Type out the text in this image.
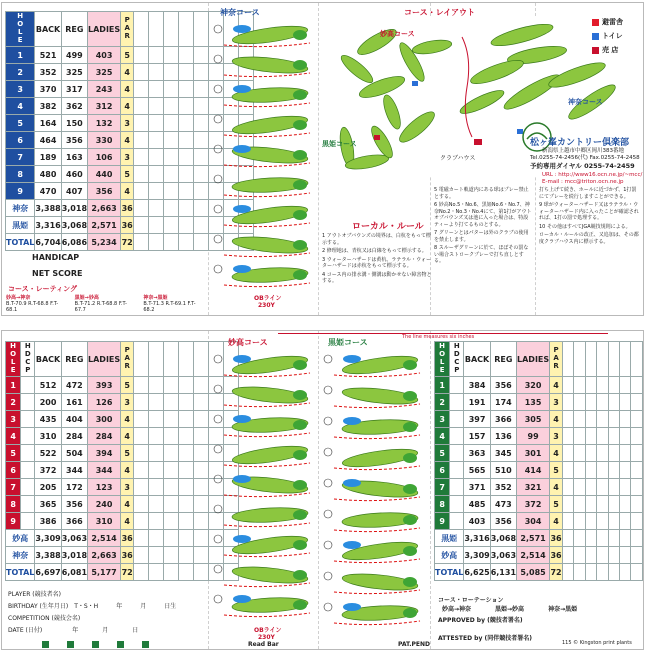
HOLE	BACK	REG	LADIES	PAR								
1	521	499	403	5								
2	352	325	325	4								
3	370	317	243	4								
4	382	362	312	4								
5	164	150	132	3								
6	464	356	330	4								
7	189	163	106	3								
8	480	460	440	5								
9	470	407	356	4								
神奈	3,388	3,018	2,663	36								
黒姫	3,316	3,068	2,571	36								
TOTAL	6,704	6,086	5,234	72								
HANDICAP
NET SCORE
コース・レーティング
妙高→神奈
B.T-70.9 R.T-68.8 F.T-68.1
黒姫→妙高
B.T-71.2 R.T-68.8 F.T-67.7
神奈→黒姫
B.T-71.3 R.T-69.1 F.T-68.2
神奈コース
OBライン
230Y
コース・レイアウト
妙高コース
黒姫コース
神奈コース
クラブハウス
避雷舎
トイレ
売 店
松ヶ峯カントリー倶楽部
新潟県上越市中郷区岡川383番地
Tel.0255-74-2456(代) Fax.0255-74-2458
予約専用ダイヤル 0255-74-2459
URL : http://www16.ocn.ne.jp/~mcc/
E-mail : mcc@triton.ocn.ne.jp
ローカル・ルール
1 アウトオブバウンズの境界は、白杭をもって標示する。
2 修理地は、青杭又は白線をもって標示する。
3 ウォーターハザードは黄杭、ラテラル・ウォーターハザードは赤杭をもって標示する。
4 コース内の排水溝・側溝は動かせない障害物とする。
5 電磁カート軌道内にある球はプレー禁止とする。
6 妙高No.5・No.6、黒姫No.6・No.7、神奈No.2・No.3・No.4にて、第1打がアウトオブバウンズ又は池に入った場合は、特設ティーより打てるものとする。
7 グリーンとはパターは外のクラブの使用を禁止します。
8 スルーザグリーンに於て、ほぼその罰ない場合ストロークプレーで打ち直しとする。
打ち上げて続き、ホールに近づかず、1打罰にてプレーを続行しますことができる。
9 球がウォーターハザード又はラテラル・ウォーターハザード内に入ったことが確認されれば、1打の罰で処理する。
10 その他はすべてJGA競技規則による。
ローカル・ルールの改正、又追加は、その都度クラブハウス内に標示する。
The line measures six inches
HOLE	HDCP	BACK	REG	LADIES	PAR							
1		512	472	393	5							
2		200	161	126	3							
3		435	404	300	4							
4		310	284	284	4							
5		522	504	394	5							
6		372	344	344	4							
7		205	172	123	3							
8		365	356	240	4							
9		386	366	310	4							
妙高		3,309	3,063	2,514	36							
神奈		3,388	3,018	2,663	36							
TOTAL		6,697	6,081	5,177	72							
PLAYER (競技者名)
BIRTHDAY (生年月日)　T・S・H　　　年　　　月　　　日生
COMPETITION (競技会名)
DATE (日付)　　　　　年　　　　月　　　　日
妙高コース
OBライン
230Y
Read Bar
黒姫コース
PAT.PEND
HOLE	HDCP	BACK	REG	LADIES	PAR							
1		384	356	320	4							
2		191	174	135	3							
3		397	366	305	4							
4		157	136	99	3							
5		363	345	301	4							
6		565	510	414	5							
7		371	352	321	4							
8		485	473	372	5							
9		403	356	304	4							
黒姫		3,316	3,068	2,571	36							
妙高		3,309	3,063	2,514	36							
TOTAL		6,625	6,131	5,085	72							
コース・ローテーション
妙高→神奈	黒姫→妙高	神奈→黒姫
APPROVED by (競技者署名)
ATTESTED by (同伴競技者署名)
115 © Kingston print plants
